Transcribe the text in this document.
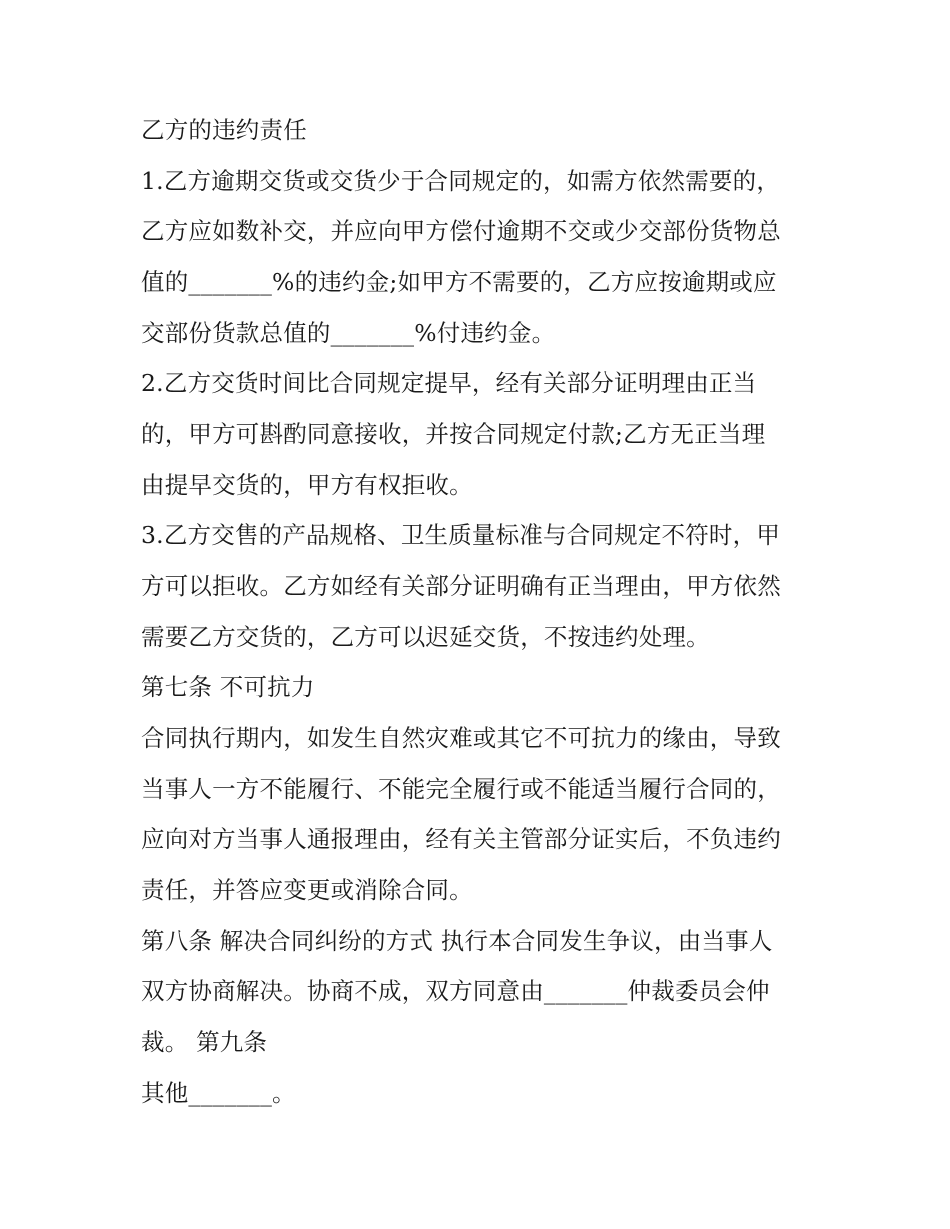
乙方的违约责任
1.乙方逾期交货或交货少于合同规定的，如需方依然需要的，
乙方应如数补交，并应向甲方偿付逾期不交或少交部份货物总
值的_______%的违约金;如甲方不需要的，乙方应按逾期或应
交部份货款总值的_______%付违约金。
2.乙方交货时间比合同规定提早，经有关部分证明理由正当
的，甲方可斟酌同意接收，并按合同规定付款;乙方无正当理
由提早交货的，甲方有权拒收。
3.乙方交售的产品规格、卫生质量标准与合同规定不符时，甲
方可以拒收。乙方如经有关部分证明确有正当理由，甲方依然
需要乙方交货的，乙方可以迟延交货，不按违约处理。
第七条 不可抗力
合同执行期内，如发生自然灾难或其它不可抗力的缘由，导致
当事人一方不能履行、不能完全履行或不能适当履行合同的，
应向对方当事人通报理由，经有关主管部分证实后，不负违约
责任，并答应变更或消除合同。
第八条 解决合同纠纷的方式 执行本合同发生争议，由当事人
双方协商解决。协商不成，双方同意由_______仲裁委员会仲
裁。 第九条
其他_______。
